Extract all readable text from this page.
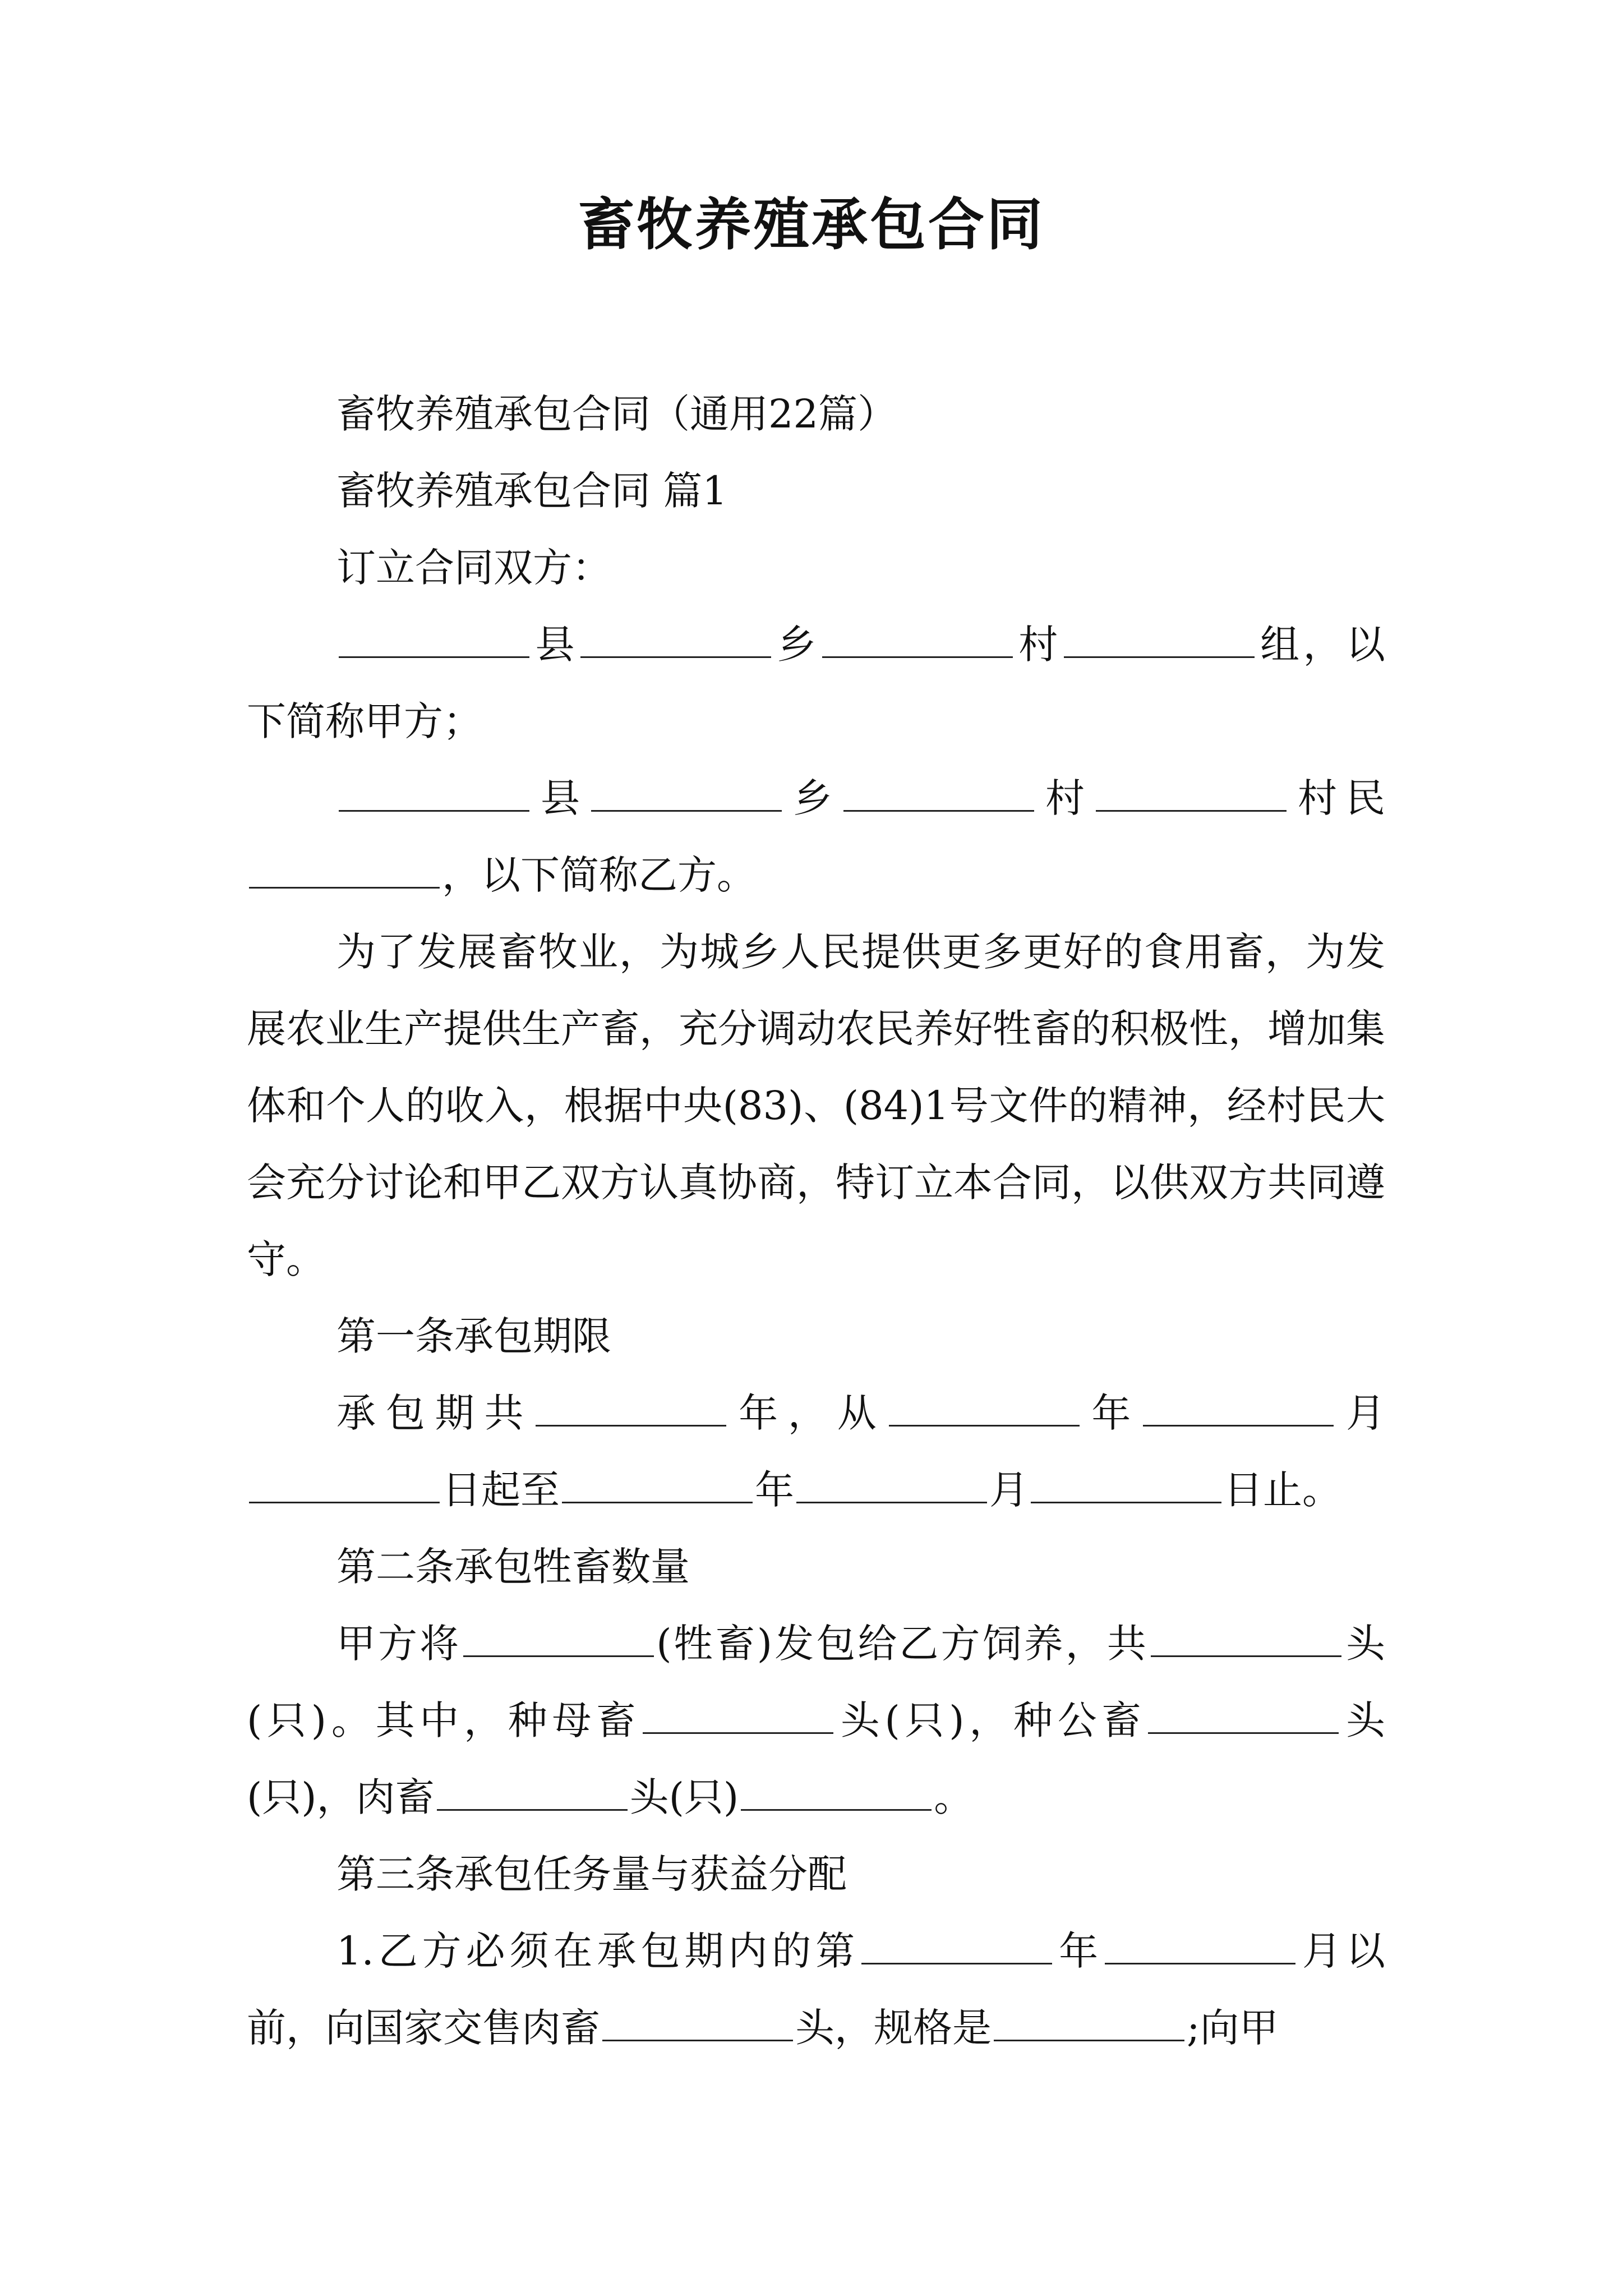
畜牧养殖承包合同

畜牧养殖承包合同（通用22篇）

畜牧养殖承包合同 篇1

订立合同双方：

县	乡	村	组，以下简称甲方；

县	乡	村	村民，以下简称乙方。

为了发展畜牧业，为城乡人民提供更多更好的食用畜，为发展农业生产提供生产畜，充分调动农民养好牲畜的积极性，增加集体和个人的收入，根据中央(83)、(84)1号文件的精神，经村民大会充分讨论和甲乙双方认真协商，特订立本合同，以供双方共同遵守。

第一条承包期限

承包期共	年，从	年	月日起至	年	月	日止。

第二条承包牲畜数量

甲方将	(牲畜)发包给乙方饲养，共	头(只)。其中，种母畜	头(只)，种公畜	头(只)，肉畜	头(只)	。

第三条承包任务量与获益分配

1.乙方必须在承包期内的第	年	月以前，向国家交售肉畜	头，规格是	;向甲
